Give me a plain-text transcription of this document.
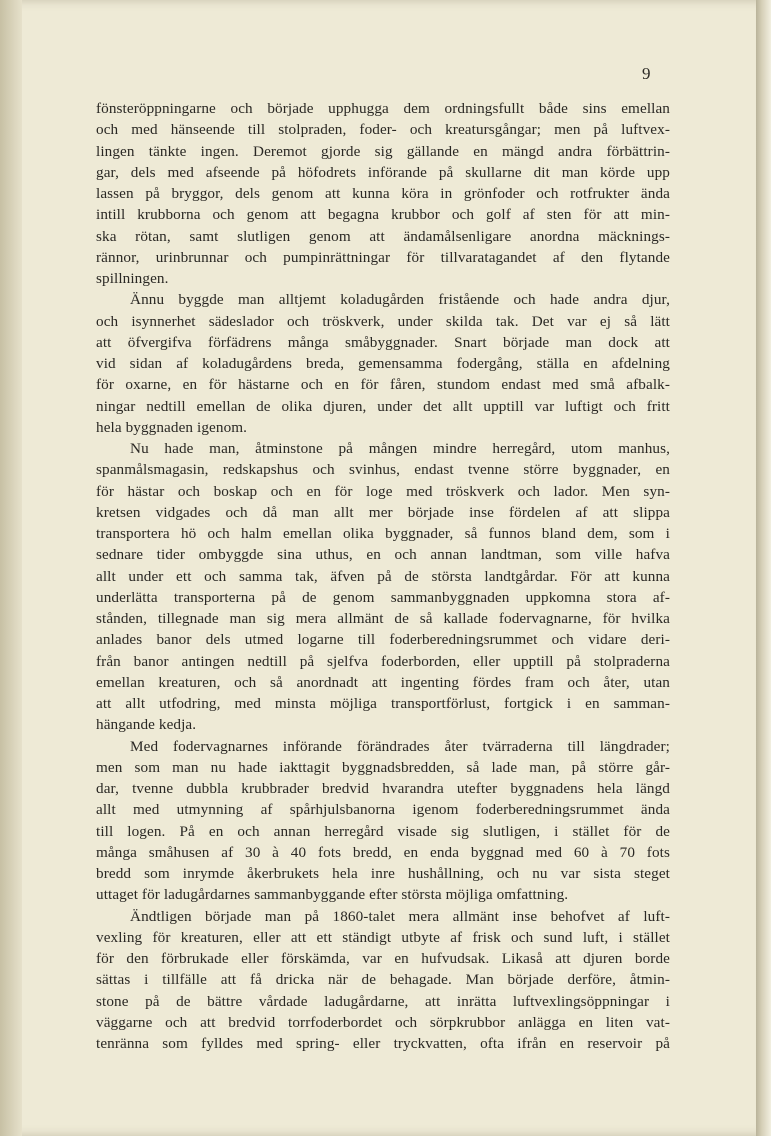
9
fönsteröppningarne och började upphugga dem ordningsfullt både sins emellan
och med hänseende till stolpraden, foder- och kreatursgångar; men på luftvex-
lingen tänkte ingen. Deremot gjorde sig gällande en mängd andra förbättrin-
gar, dels med afseende på höfodrets införande på skullarne dit man körde upp
lassen på bryggor, dels genom att kunna köra in grönfoder och rotfrukter ända
intill krubborna och genom att begagna krubbor och golf af sten för att min-
ska rötan, samt slutligen genom att ändamålsenligare anordna mäcknings-
rännor, urinbrunnar och pumpinrättningar för tillvaratagandet af den flytande
spillningen.
Ännu byggde man alltjemt koladugården fristående och hade andra djur,
och isynnerhet sädeslador och tröskverk, under skilda tak. Det var ej så lätt
att öfvergifva förfädrens många småbyggnader. Snart började man dock att
vid sidan af koladugårdens breda, gemensamma fodergång, ställa en afdelning
för oxarne, en för hästarne och en för fåren, stundom endast med små afbalk-
ningar nedtill emellan de olika djuren, under det allt upptill var luftigt och fritt
hela byggnaden igenom.
Nu hade man, åtminstone på mången mindre herregård, utom manhus,
spanmålsmagasin, redskapshus och svinhus, endast tvenne större byggnader, en
för hästar och boskap och en för loge med tröskverk och lador. Men syn-
kretsen vidgades och då man allt mer började inse fördelen af att slippa
transportera hö och halm emellan olika byggnader, så funnos bland dem, som i
sednare tider ombyggde sina uthus, en och annan landtman, som ville hafva
allt under ett och samma tak, äfven på de största landtgårdar. För att kunna
underlätta transporterna på de genom sammanbyggnaden uppkomna stora af-
stånden, tillegnade man sig mera allmänt de så kallade fodervagnarne, för hvilka
anlades banor dels utmed logarne till foderberedningsrummet och vidare deri-
från banor antingen nedtill på sjelfva foderborden, eller upptill på stolpraderna
emellan kreaturen, och så anordnadt att ingenting fördes fram och åter, utan
att allt utfodring, med minsta möjliga transportförlust, fortgick i en samman-
hängande kedja.
Med fodervagnarnes införande förändrades åter tvärraderna till längdrader;
men som man nu hade iakttagit byggnadsbredden, så lade man, på större går-
dar, tvenne dubbla krubbrader bredvid hvarandra utefter byggnadens hela längd
allt med utmynning af spårhjulsbanorna igenom foderberedningsrummet ända
till logen. På en och annan herregård visade sig slutligen, i stället för de
många småhusen af 30 à 40 fots bredd, en enda byggnad med 60 à 70 fots
bredd som inrymde åkerbrukets hela inre hushållning, och nu var sista steget
uttaget för ladugårdarnes sammanbyggande efter största möjliga omfattning.
Ändtligen började man på 1860-talet mera allmänt inse behofvet af luft-
vexling för kreaturen, eller att ett ständigt utbyte af frisk och sund luft, i stället
för den förbrukade eller förskämda, var en hufvudsak. Likaså att djuren borde
sättas i tillfälle att få dricka när de behagade. Man började derföre, åtmin-
stone på de bättre vårdade ladugårdarne, att inrätta luftvexlingsöppningar i
väggarne och att bredvid torrfoderbordet och sörpkrubbor anlägga en liten vat-
tenränna som fylldes med spring- eller tryckvatten, ofta ifrån en reservoir på
